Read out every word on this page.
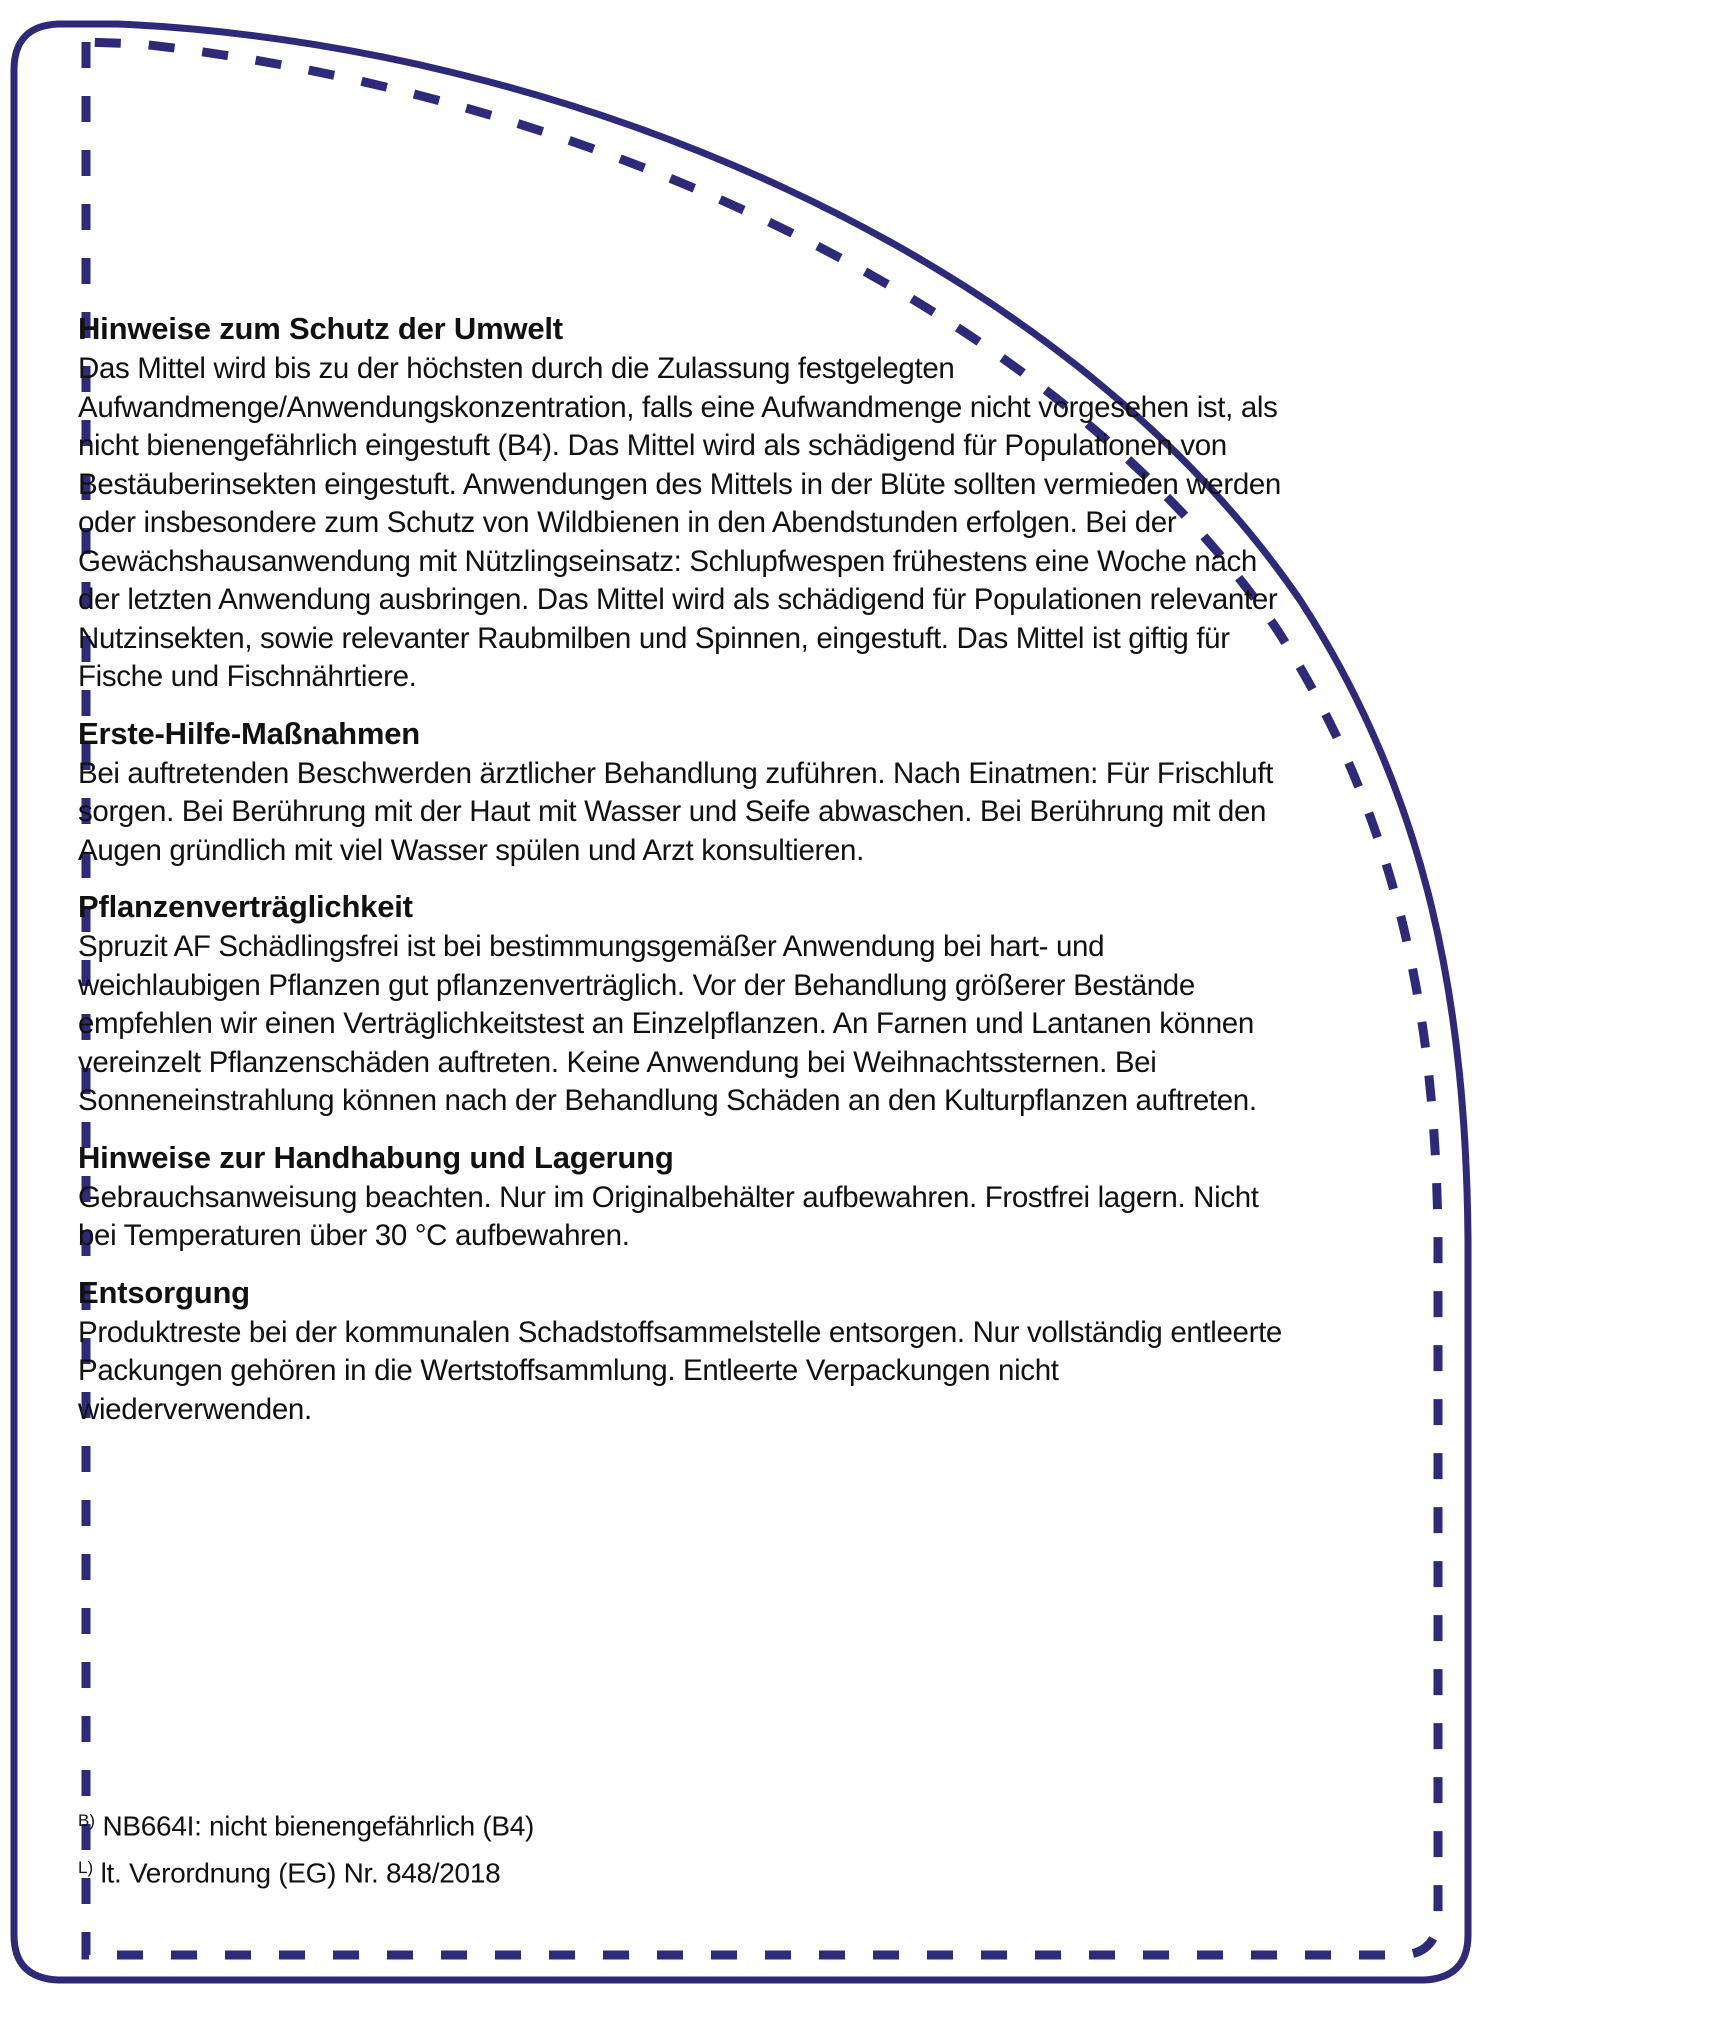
Hinweise zum Schutz der Umwelt

Das Mittel wird bis zu der höchsten durch die Zulassung festgelegten Aufwandmenge/Anwendungskonzentration, falls eine Aufwandmenge nicht vorgesehen ist, als nicht bienengefährlich eingestuft (B4). Das Mittel wird als schädigend für Populationen von Bestäuberinsekten eingestuft. Anwendungen des Mittels in der Blüte sollten vermieden werden oder insbesondere zum Schutz von Wildbienen in den Abendstunden erfolgen. Bei der Gewächshausanwendung mit Nützlingseinsatz: Schlupfwespen frühestens eine Woche nach der letzten Anwendung ausbringen. Das Mittel wird als schädigend für Populationen relevanter Nutzinsekten, sowie relevanter Raubmilben und Spinnen, eingestuft. Das Mittel ist giftig für Fische und Fischnährtiere.

Erste-Hilfe-Maßnahmen

Bei auftretenden Beschwerden ärztlicher Behandlung zuführen. Nach Einatmen: Für Frischluft sorgen. Bei Berührung mit der Haut mit Wasser und Seife abwaschen. Bei Berührung mit den Augen gründlich mit viel Wasser spülen und Arzt konsultieren.

Pflanzenverträglichkeit

Spruzit AF Schädlingsfrei ist bei bestimmungsgemäßer Anwendung bei hart- und weichlaubigen Pflanzen gut pflanzenverträglich. Vor der Behandlung größerer Bestände empfehlen wir einen Verträglichkeitstest an Einzelpflanzen. An Farnen und Lantanen können vereinzelt Pflanzenschäden auftreten. Keine Anwendung bei Weihnachtssternen. Bei Sonneneinstrahlung können nach der Behandlung Schäden an den Kulturpflanzen auftreten.

Hinweise zur Handhabung und Lagerung

Gebrauchsanweisung beachten. Nur im Originalbehälter aufbewahren. Frostfrei lagern. Nicht bei Temperaturen über 30 °C aufbewahren.

Entsorgung

Produktreste bei der kommunalen Schadstoffsammelstelle entsorgen. Nur vollständig entleerte Packungen gehören in die Wertstoffsammlung. Entleerte Verpackungen nicht wiederverwenden.

$^{B)}$ NB664I: nicht bienengefährlich (B4)
$^{L)}$ lt. Verordnung (EG) Nr. 848/2018
